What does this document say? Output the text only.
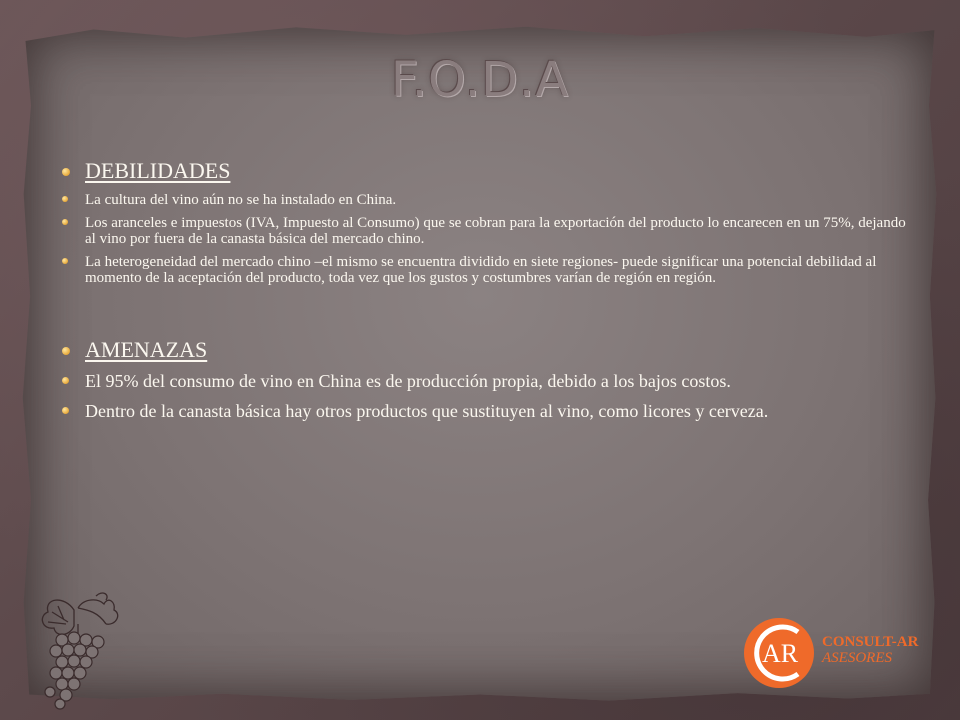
F.O.D.A
DEBILIDADES
La cultura del vino aún no se ha instalado en China.
Los aranceles e impuestos (IVA, Impuesto al Consumo) que se cobran para la exportación del producto lo encarecen en un 75%, dejando al vino por fuera de la canasta básica del mercado chino.
La heterogeneidad del mercado chino –el mismo se encuentra dividido en siete regiones- puede significar una potencial debilidad al momento de la aceptación del producto, toda vez que los gustos y costumbres varían de región en región.
AMENAZAS
El 95% del consumo de vino en China es de producción propia, debido a los bajos costos.
Dentro de la canasta básica hay otros productos que sustituyen al vino, como licores y cerveza.
AR CONSULT-AR
ASESORES
